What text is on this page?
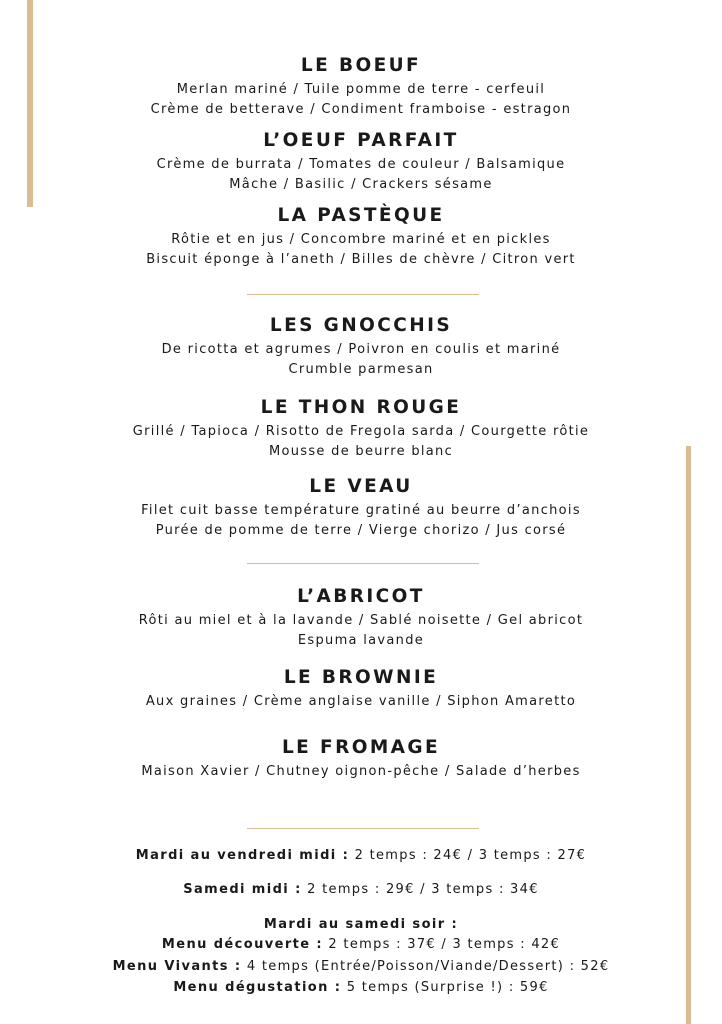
LE BOEUF

Merlan mariné / Tuile pomme de terre - cerfeuil

Crème de betterave / Condiment framboise - estragon

L’OEUF PARFAIT

Crème de burrata / Tomates de couleur / Balsamique

Mâche / Basilic / Crackers sésame

LA PASTÈQUE

Rôtie et en jus / Concombre mariné et en pickles

Biscuit éponge à l’aneth / Billes de chèvre / Citron vert

LES GNOCCHIS

De ricotta et agrumes / Poivron en coulis et mariné

Crumble parmesan

LE THON ROUGE

Grillé / Tapioca / Risotto de Fregola sarda / Courgette rôtie

Mousse de beurre blanc

LE VEAU

Filet cuit basse température gratiné au beurre d’anchois

Purée de pomme de terre / Vierge chorizo / Jus corsé

L’ABRICOT

Rôti au miel et à la lavande / Sablé noisette / Gel abricot

Espuma lavande

LE BROWNIE

Aux graines / Crème anglaise vanille / Siphon Amaretto

LE FROMAGE

Maison Xavier / Chutney oignon-pêche / Salade d’herbes

Mardi au vendredi midi : 2 temps : 24€ / 3 temps : 27€
Samedi midi : 2 temps : 29€ / 3 temps : 34€
Mardi au samedi soir :
Menu découverte : 2 temps : 37€ / 3 temps : 42€
Menu Vivants : 4 temps (Entrée/Poisson/Viande/Dessert) : 52€
Menu dégustation : 5 temps (Surprise !) : 59€
